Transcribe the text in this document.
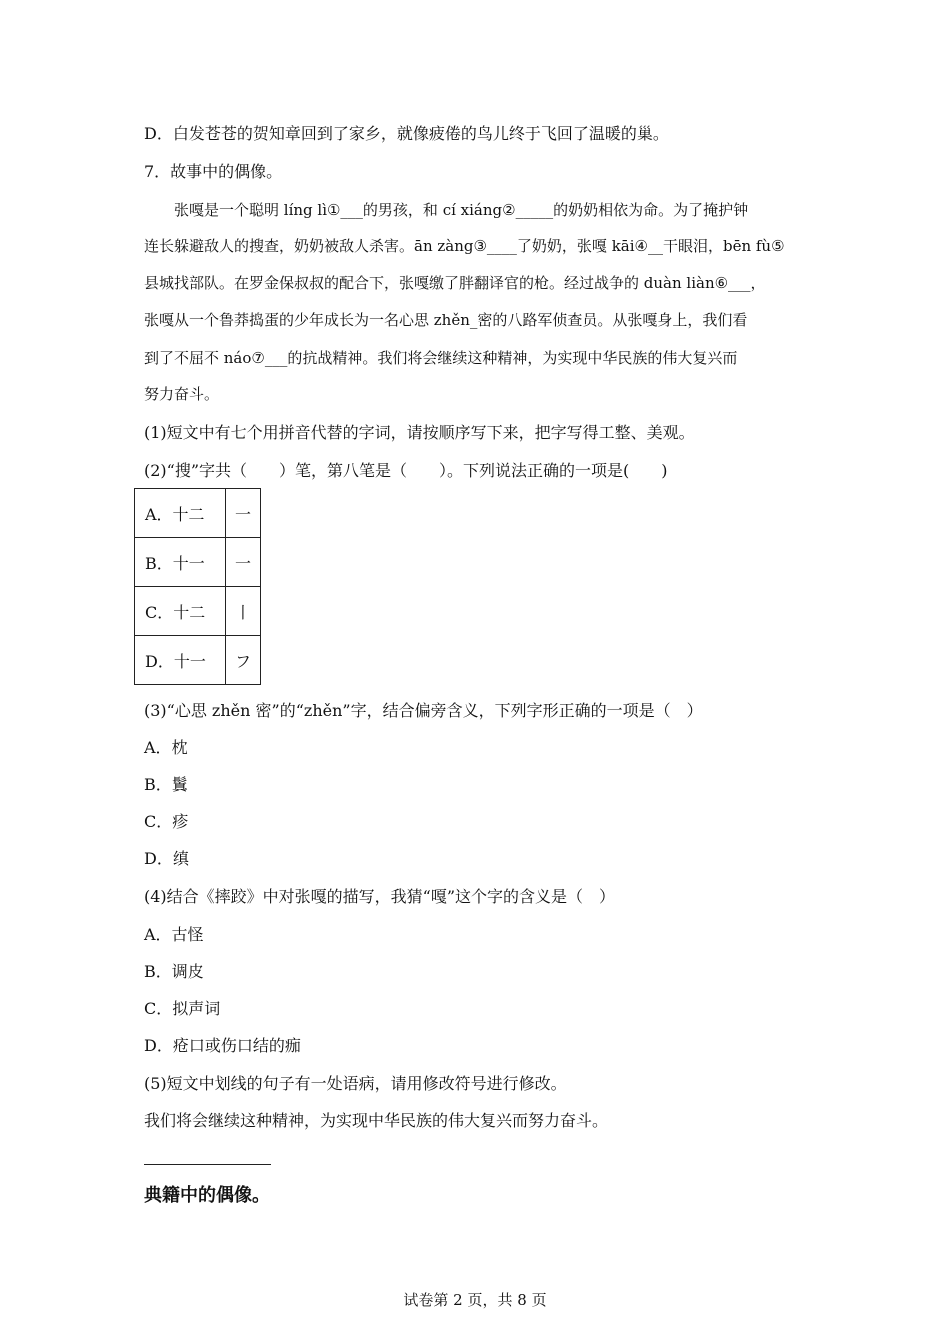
D．白发苍苍的贺知章回到了家乡，就像疲倦的鸟儿终于飞回了温暖的巢。
7．故事中的偶像。
　　张嘎是一个聪明 líng lì①___的男孩，和 cí xiáng②_____的奶奶相依为命。为了掩护钟
连长躲避敌人的搜查，奶奶被敌人杀害。ān zàng③____了奶奶，张嘎 kāi④__干眼泪，bēn fù⑤
县城找部队。在罗金保叔叔的配合下，张嘎缴了胖翻译官的枪。经过战争的 duàn liàn⑥___，
张嘎从一个鲁莽捣蛋的少年成长为一名心思 zhěn_密的八路军侦查员。从张嘎身上，我们看
到了不屈不 náo⑦___的抗战精神。我们将会继续这种精神，为实现中华民族的伟大复兴而
努力奋斗。
(1)短文中有七个用拼音代替的字词，请按顺序写下来，把字写得工整、美观。
(2)“搜”字共（　　）笔，第八笔是（　　）。下列说法正确的一项是(　　)
A．十二	一
B．十一	一
C．十二	丨
D．十一	フ
(3)“心思 zhěn 密”的“zhěn”字，结合偏旁含义，下列字形正确的一项是（　）
A．枕
B．鬒
C．疹
D．缜
(4)结合《摔跤》中对张嘎的描写，我猜“嘎”这个字的含义是（　）
A．古怪
B．调皮
C．拟声词
D．疮口或伤口结的痂
(5)短文中划线的句子有一处语病，请用修改符号进行修改。
我们将会继续这种精神，为实现中华民族的伟大复兴而努力奋斗。
典籍中的偶像。
试卷第 2 页，共 8 页
